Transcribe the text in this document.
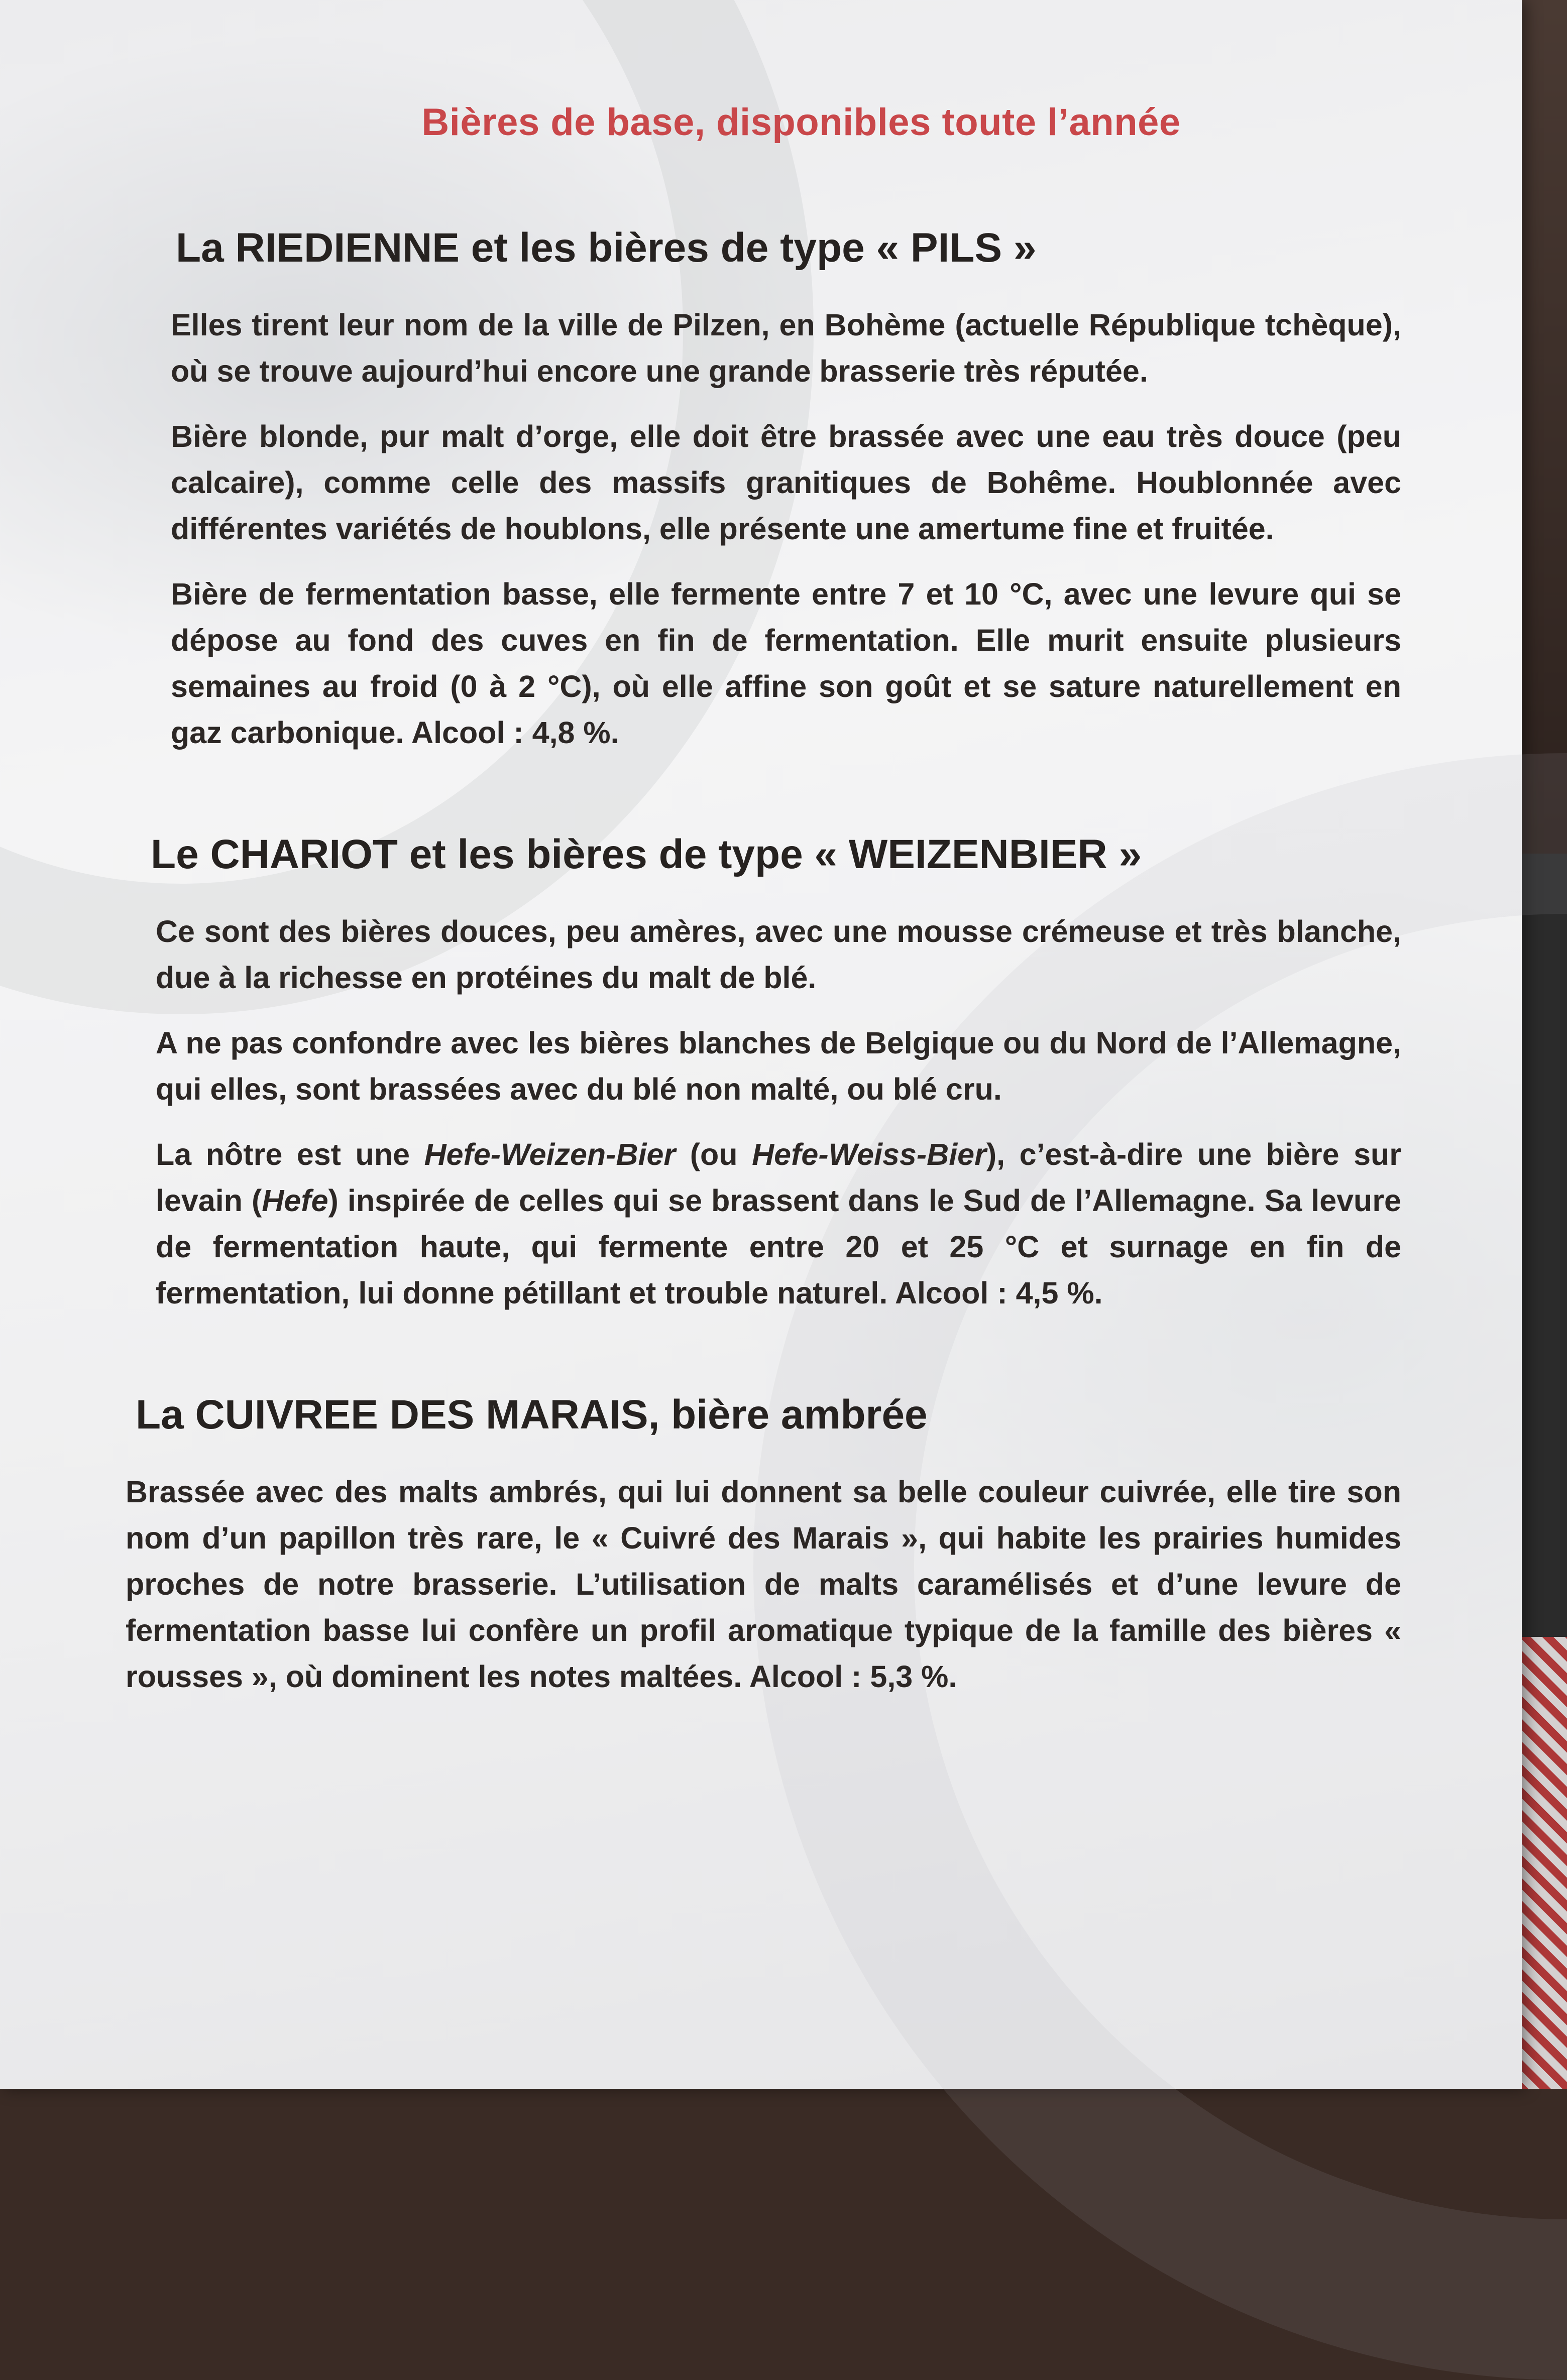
Bières de base, disponibles toute l’année
La RIEDIENNE et les bières de type « PILS »

Elles tirent leur nom de la ville de Pilzen, en Bohème (actuelle République tchèque), où se trouve aujourd’hui encore une grande brasserie très réputée.

Bière blonde, pur malt d’orge, elle doit être brassée avec une eau très douce (peu calcaire), comme celle des massifs granitiques de Bohême. Houblonnée avec différentes variétés de houblons, elle présente une amertume fine et fruitée.

Bière de fermentation basse, elle fermente entre 7 et 10 °C, avec une levure qui se dépose au fond des cuves en fin de fermentation. Elle murit ensuite plusieurs semaines au froid (0 à 2 °C), où elle affine son goût et se sature naturellement en gaz carbonique. Alcool : 4,8 %.

Le CHARIOT et les bières de type « WEIZENBIER »

Ce sont des bières douces, peu amères, avec une mousse crémeuse et très blanche, due à la richesse en protéines du malt de blé.

A ne pas confondre avec les bières blanches de Belgique ou du Nord de l’Allemagne, qui elles, sont brassées avec du blé non malté, ou blé cru.

La nôtre est une Hefe-Weizen-Bier (ou Hefe-Weiss-Bier), c’est-à-dire une bière sur levain (Hefe) inspirée de celles qui se brassent dans le Sud de l’Allemagne. Sa levure de fermentation haute, qui fermente entre 20 et 25 °C et surnage en fin de fermentation, lui donne pétillant et trouble naturel. Alcool : 4,5 %.

La CUIVREE DES MARAIS, bière ambrée

Brassée avec des malts ambrés, qui lui donnent sa belle couleur cuivrée, elle tire son nom d’un papillon très rare, le « Cuivré des Marais », qui habite les prairies humides proches de notre brasserie. L’utilisation de malts caramélisés et d’une levure de fermentation basse lui confère un profil aromatique typique de la famille des bières « rousses », où dominent les notes maltées. Alcool : 5,3 %.
